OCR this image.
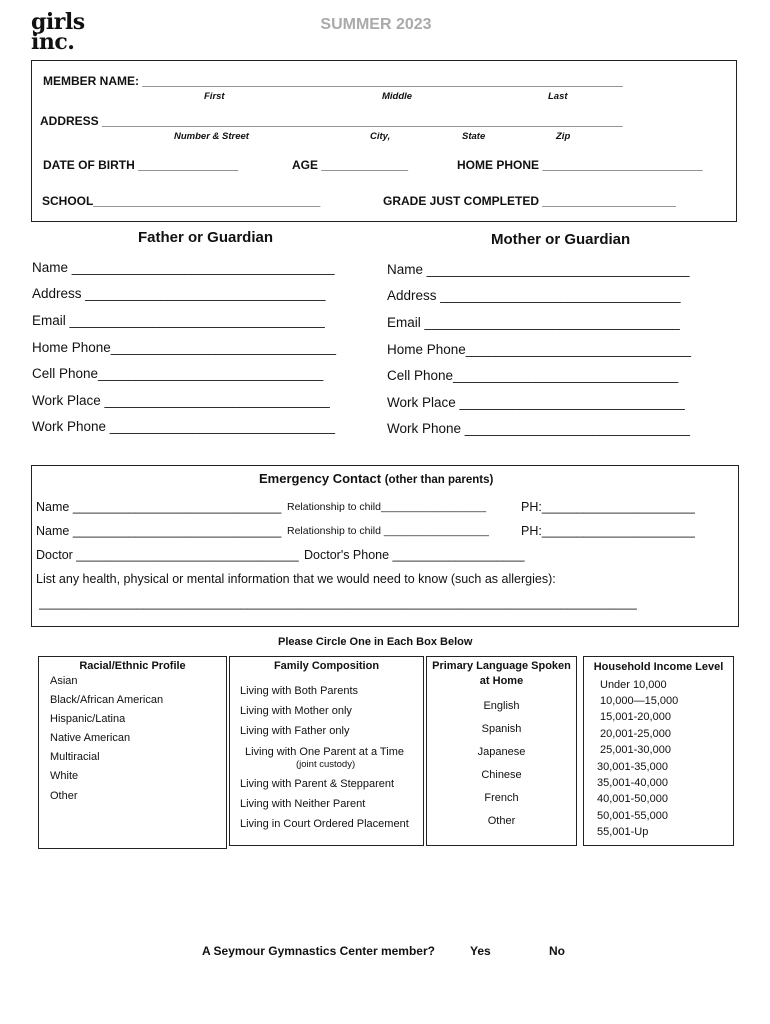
girls
inc.
SUMMER 2023
MEMBER NAME: ________________________________________________________________________
First	Middle	Last
ADDRESS ______________________________________________________________________________
Number & Street	City,	State	Zip
DATE OF BIRTH _______________	AGE _____________	HOME PHONE ________________________
SCHOOL__________________________________	GRADE JUST COMPLETED ____________________
Father or Guardian
Name ___________________________________
Address ________________________________
Email __________________________________
Home Phone______________________________
Cell Phone______________________________
Work Place ______________________________
Work Phone ______________________________
Mother or Guardian
Name ___________________________________
Address ________________________________
Email __________________________________
Home Phone______________________________
Cell Phone______________________________
Work Place ______________________________
Work Phone ______________________________
Emergency Contact (other than parents)
Name ______________________________ Relationship to child__________________	PH:______________________
Name ______________________________ Relationship to child __________________	PH:______________________
Doctor ________________________________ Doctor's Phone ___________________
List any health, physical or mental information that we would need to know (such as allergies):
______________________________________________________________________________________
Please Circle One in Each Box Below
Racial/Ethnic Profile
Asian
Black/African American
Hispanic/Latina
Native American
Multiracial
White
Other
Family Composition
Living with Both Parents
Living with Mother only
Living with Father only
Living with One Parent at a Time
(joint custody)
Living with Parent & Stepparent
Living with Neither Parent
Living in Court Ordered Placement
Primary Language Spoken
at Home
English
Spanish
Japanese
Chinese
French
Other
Household Income Level
Under 10,000
10,000—15,000
15,001-20,000
20,001-25,000
25,001-30,000
30,001-35,000
35,001-40,000
40,001-50,000
50,001-55,000
55,001-Up
A Seymour Gymnastics Center member?	Yes	No
